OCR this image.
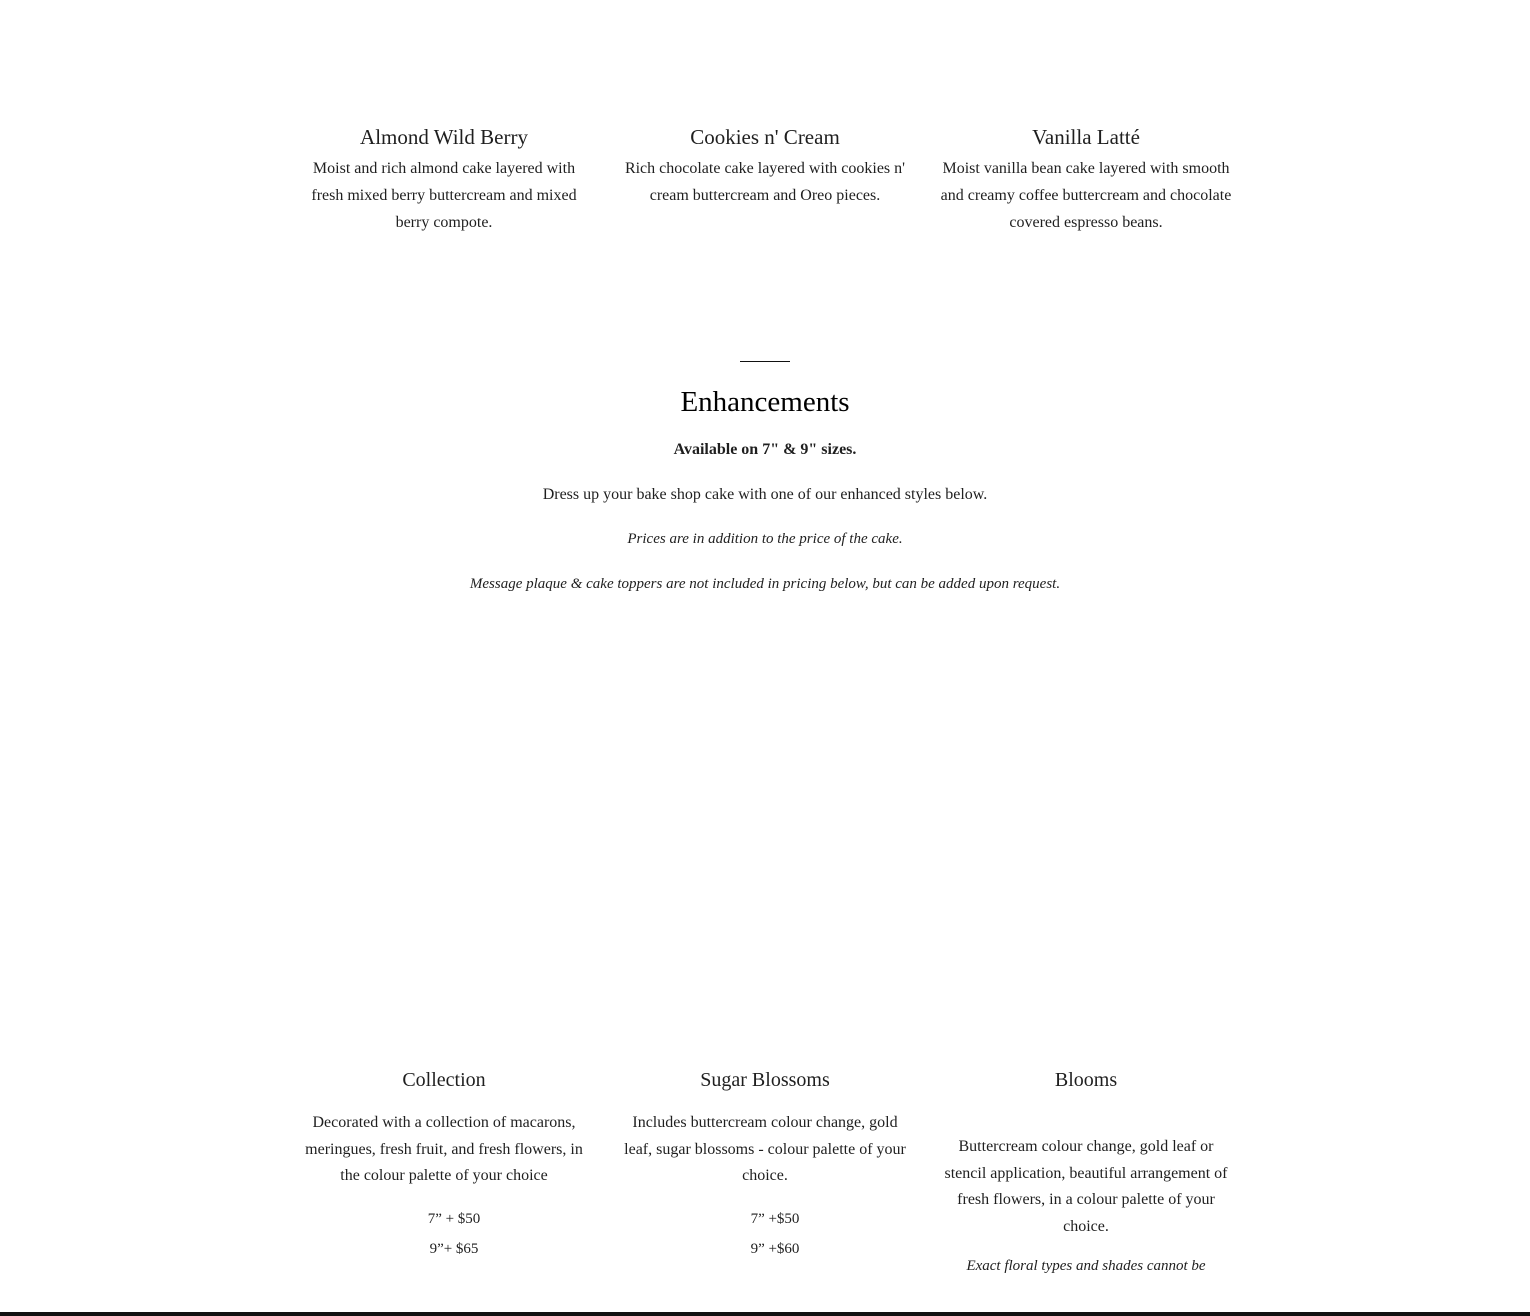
Almond Wild Berry

Moist and rich almond cake layered with fresh mixed berry buttercream and mixed berry compote.

Cookies n' Cream

Rich chocolate cake layered with cookies n' cream buttercream and Oreo pieces.

Vanilla Latté

Moist vanilla bean cake layered with smooth and creamy coffee buttercream and chocolate covered espresso beans.

Enhancements

Available on 7" & 9" sizes.

Dress up your bake shop cake with one of our enhanced styles below.

Prices are in addition to the price of the cake.

Message plaque & cake toppers are not included in pricing below, but can be added upon request.

Collection

Decorated with a collection of macarons, meringues, fresh fruit, and fresh flowers, in the colour palette of your choice

7” + $50

9”+ $65

Sugar Blossoms

Includes buttercream colour change, gold leaf, sugar blossoms - colour palette of your choice.

7” +$50

9” +$60

Blooms

Buttercream colour change, gold leaf or stencil application, beautiful arrangement of fresh flowers, in a colour palette of your choice.

Exact floral types and shades cannot be
